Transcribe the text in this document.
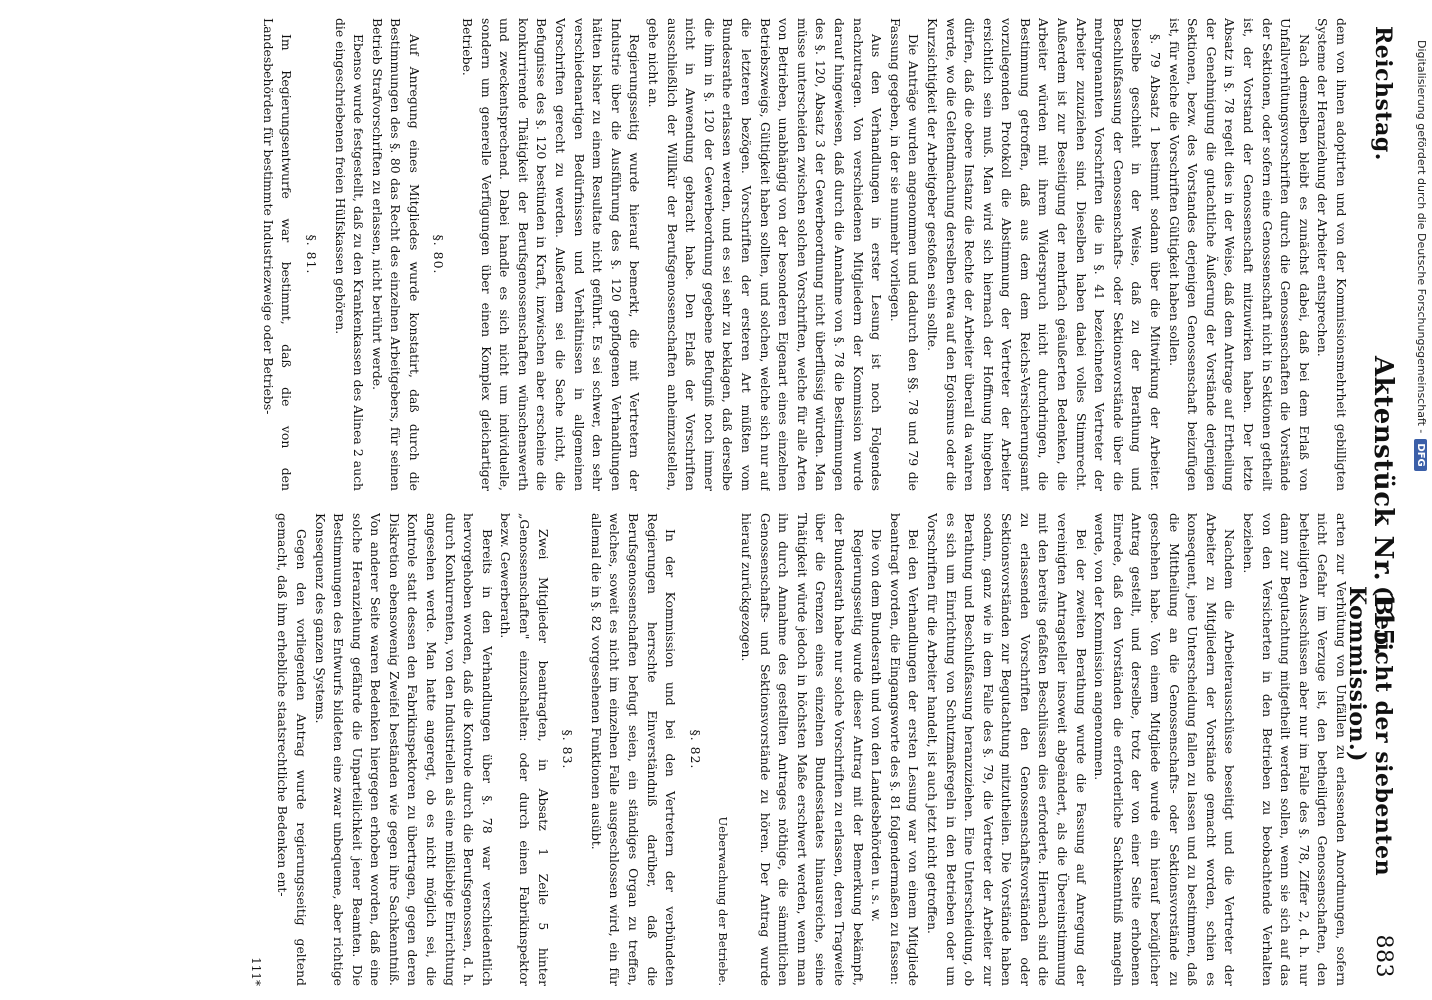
Reichstag.
Aktenstück Nr. 115.
(Bericht der siebenten Kommission.)
883

dem von ihnen adoptirten und von der Kommissionsmehrheit gebilligten Systeme der Heranziehung der Arbeiter entsprechen.

Nach demselben bleibt es zunächst dabei, daß bei dem Erlaß von Unfallverhütungsvorschriften durch die Genossenschaften die Vorstände der Sektionen, oder sofern eine Genossenschaft nicht in Sektionen getheilt ist, der Vorstand der Genossenschaft mitzuwirken haben. Der letzte Absatz in §. 78 regelt dies in der Weise, daß dem Antrage auf Ertheilung der Genehmigung die gutachtliche Äußerung der Vorstände derjenigen Sektionen, bezw. des Vorstandes derjenigen Genossenschaft beizufügen ist, für welche die Vorschriften Gültigkeit haben sollen.

§. 79 Absatz 1 bestimmt sodann über die Mitwirkung der Arbeiter. Dieselbe geschieht in der Weise, daß zu der Berathung und Beschlußfassung der Genossenschafts- oder Sektionsvorstände über die mehrgenannten Vorschriften die in §. 41 bezeichneten Vertreter der Arbeiter zuzuziehen sind. Dieselben haben dabei volles Stimmrecht. Außerdem ist zur Beseitigung der mehrfach geäußerten Bedenken, die Arbeiter würden mit ihrem Widerspruch nicht durchdringen, die Bestimmung getroffen, daß aus dem dem Reichs-Versicherungsamt vorzulegenden Protokoll die Abstimmung der Vertreter der Arbeiter ersichtlich sein muß. Man wird sich hiernach der Hoffnung hingeben dürfen, daß die obere Instanz die Rechte der Arbeiter überall da wahren werde, wo die Geltendmachung derselben etwa auf den Egoismus oder die Kurzsichtigkeit der Arbeitgeber gestoßen sein sollte.

Die Anträge wurden angenommen und dadurch den §§. 78 und 79 die Fassung gegeben, in der sie nunmehr vorliegen.

Aus den Verhandlungen in erster Lesung ist noch Folgendes nachzutragen. Von verschiedenen Mitgliedern der Kommission wurde darauf hingewiesen, daß durch die Annahme von §. 78 die Bestimmungen des §. 120, Absatz 3 der Gewerbeordnung nicht überflüssig würden. Man müsse unterscheiden zwischen solchen Vorschriften, welche für alle Arten von Betrieben, unabhängig von der besonderen Eigenart eines einzelnen Betriebszweigs, Gültigkeit haben sollten, und solchen, welche sich nur auf die letzteren bezögen. Vorschriften der ersteren Art müßten vom Bundesrathe erlassen werden, und es sei sehr zu beklagen, daß derselbe die ihm in §. 120 der Gewerbeordnung gegebene Befugniß noch immer nicht in Anwendung gebracht habe. Den Erlaß der Vorschriften ausschließlich der Willkür der Berufsgenossenschaften anheimzustellen, gehe nicht an.

Regierungsseitig wurde hierauf bemerkt, die mit Vertretern der Industrie über die Ausführung des §. 120 gepflogenen Verhandlungen hätten bisher zu einem Resultate nicht geführt. Es sei schwer, den sehr verschiedenartigen Bedürfnissen und Verhältnissen in allgemeinen Vorschriften gerecht zu werden. Außerdem sei die Sache nicht, die Befugnisse des §. 120 bestünden in Kraft, inzwischen aber erscheine die konkurrirende Thätigkeit der Berufsgenossenschaften wünschenswerth und zweckentsprechend. Dabei handle es sich nicht um individuelle, sondern um generelle Verfügungen über einen Komplex gleichartiger Betriebe.

§. 80.

Auf Anregung eines Mitgliedes wurde konstatirt, daß durch die Bestimmungen des §. 80 das Recht des einzelnen Arbeitgebers, für seinen Betrieb Strafvorschriften zu erlassen, nicht berührt werde.

Ebenso wurde festgestellt, daß zu den Krankenkassen des Alinea 2 auch die eingeschriebenen freien Hülfskassen gehören.

§. 81.

Im Regierungsentwurfe war bestimmt, daß die von den Landesbehörden für bestimmte Industriezweige oder Betriebs-

arten zur Verhütung von Unfällen zu erlassenden Anordnungen, sofern nicht Gefahr im Verzuge ist, den betheiligten Genossenschaften, den betheiligten Ausschüssen aber nur im Falle des §. 78, Ziffer 2, d. h. nur dann zur Begutachtung mitgetheilt werden sollen, wenn sie sich auf das von den Versicherten in den Betrieben zu beobachtende Verhalten beziehen.

Nachdem die Arbeiterausschüsse beseitigt und die Vertreter der Arbeiter zu Mitgliedern der Vorstände gemacht worden, schien es konsequent, jene Unterscheidung fallen zu lassen und zu bestimmen, daß die Mittheilung an die Genossenschafts- oder Sektionsvorstände zu geschehen habe. Von einem Mitgliede wurde ein hierauf bezüglicher Antrag gestellt, und derselbe, trotz der von einer Seite erhobenen Einrede, daß den Vorständen die erforderliche Sachkenntniß mangeln werde, von der Kommission angenommen.

Bei der zweiten Berathung wurde die Fassung auf Anregung der vereinigten Antragsteller insoweit abgeändert, als die Übereinstimmung mit den bereits gefaßten Beschlüssen dies erforderte. Hiernach sind die zu erlassenden Vorschriften den Genossenschaftsvorständen oder Sektionsvorständen zur Begutachtung mitzutheilen. Die Vorstände haben sodann, ganz wie in dem Falle des §. 79, die Vertreter der Arbeiter zur Berathung und Beschlußfassung heranzuziehen. Eine Unterscheidung, ob es sich um Einrichtung von Schutzmaßregeln in den Betrieben oder um Vorschriften für die Arbeiter handelt, ist auch jetzt nicht getroffen.

Bei den Verhandlungen der ersten Lesung war von einem Mitgliede beantragt worden, die Eingangsworte des §. 81 folgendermaßen zu fassen:

Die von dem Bundesrath und von den Landesbehörden u. s. w.

Regierungsseitig wurde dieser Antrag mit der Bemerkung bekämpft, der Bundesrath habe nur solche Vorschriften zu erlassen, deren Tragweite über die Grenzen eines einzelnen Bundesstaates hinausreiche, seine Thätigkeit würde jedoch in höchsten Maße erschwert werden, wenn man ihn durch Annahme des gestellten Antrages nöthige, die sämmtlichen Genossenschafts- und Sektionsvorstände zu hören. Der Antrag wurde hierauf zurückgezogen.

Ueberwachung der Betriebe.

§. 82.

In der Kommission und bei den Vertretern der verbündeten Regierungen herrschte Einverständniß darüber, daß die Berufsgenossenschaften befugt seien, ein ständiges Organ zu treffen, welches, soweit es nicht im einzelnen Falle ausgeschlossen wird, ein für allemal die in §. 82 vorgesehenen Funktionen ausübt.

§. 83.

Zwei Mitglieder beantragten, in Absatz 1 Zeile 5 hinter „Genossenschaften" einzuschalten: oder durch einen Fabrikinspektor bezw. Gewerberath.

Bereits in den Verhandlungen über §. 78 war verschiedentlich hervorgehoben worden, daß die Kontrole durch die Berufsgenossen, d. h. durch Konkurrenten, von den Industriellen als eine mißliebige Einrichtung angesehen werde. Man hatte angeregt, ob es nicht möglich sei, die Kontrole statt dessen den Fabrikinspektoren zu übertragen, gegen deren Diskretion ebensowenig Zweifel beständen wie gegen ihre Sachkenntniß. Von anderer Seite waren Bedenken hiergegen erhoben worden, daß eine solche Heranziehung gefährde die Unparteilichkeit jener Beamten. Die Bestimmungen des Entwurfs bildeten eine zwar unbequeme, aber richtige Konsequenz des ganzen Systems.

Gegen den vorliegenden Antrag wurde regierungsseitig geltend gemacht, daß ihm erhebliche staatsrechtliche Bedenken ent-

111*

Digitalisierung gefördert durch die Deutsche Forschungsgemeinschaft -DFG
